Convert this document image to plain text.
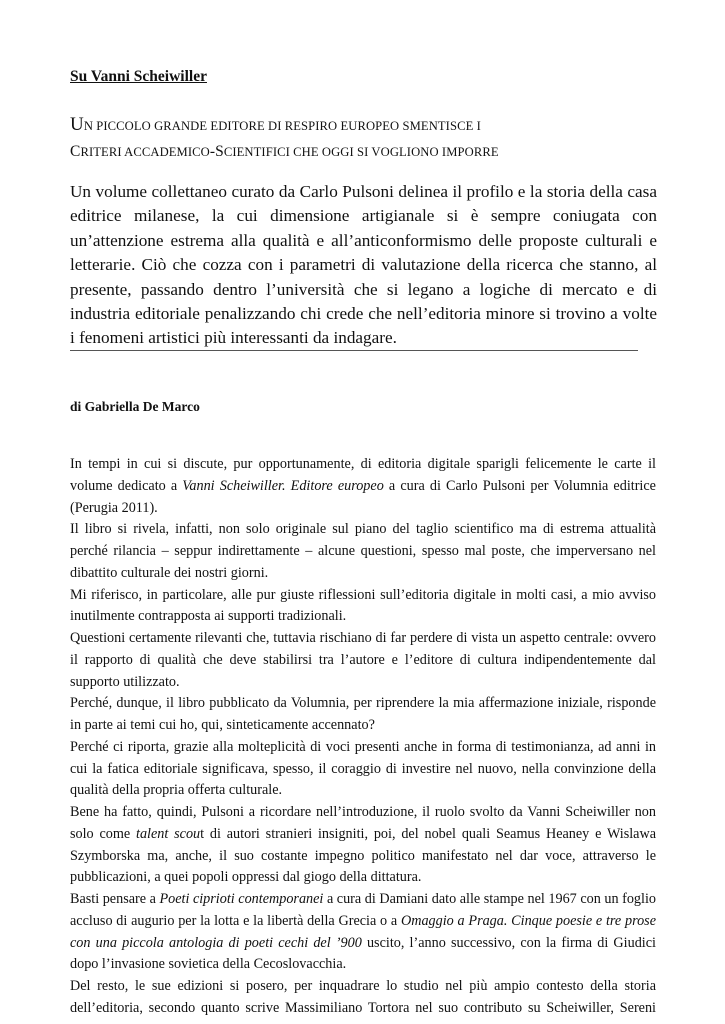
Su Vanni Scheiwiller
UN PICCOLO GRANDE EDITORE DI RESPIRO EUROPEO SMENTISCE I
CRITERI ACCADEMICO-SCIENTIFICI CHE OGGI SI VOGLIONO IMPORRE
Un volume collettaneo curato da Carlo Pulsoni delinea il profilo e la storia della casa editrice milanese, la cui dimensione artigianale si è sempre coniugata con un’attenzione estrema alla qualità e all’anticonformismo delle proposte culturali e letterarie. Ciò che cozza con i parametri di valutazione della ricerca che stanno, al presente, passando dentro l’università che si legano a logiche di mercato e di industria editoriale penalizzando chi crede che nell’editoria minore si trovino a volte i fenomeni artistici più interessanti da indagare.
di Gabriella De Marco

In tempi in cui si discute, pur opportunamente, di editoria digitale sparigli felicemente le carte il volume dedicato a Vanni Scheiwiller. Editore europeo a cura di Carlo Pulsoni per Volumnia editrice (Perugia 2011).

Il libro si rivela, infatti, non solo originale sul piano del taglio scientifico ma di estrema attualità perché rilancia – seppur indirettamente – alcune questioni, spesso mal poste, che imperversano nel dibattito culturale dei nostri giorni.

Mi riferisco, in particolare, alle pur giuste riflessioni sull’editoria digitale in molti casi, a mio avviso inutilmente contrapposta ai supporti tradizionali.

Questioni certamente rilevanti che, tuttavia rischiano di far perdere di vista un aspetto centrale: ovvero il rapporto di qualità che deve stabilirsi tra l’autore e l’editore di cultura indipendentemente dal supporto utilizzato.

Perché, dunque, il libro pubblicato da Volumnia, per riprendere la mia affermazione iniziale, risponde in parte ai temi cui ho, qui, sinteticamente accennato?

Perché ci riporta, grazie alla molteplicità di voci presenti anche in forma di testimonianza, ad anni in cui la fatica editoriale significava, spesso, il coraggio di investire nel nuovo, nella convinzione della qualità della propria offerta culturale.

Bene ha fatto, quindi, Pulsoni a ricordare nell’introduzione, il ruolo svolto da Vanni Scheiwiller non solo come talent scout di autori stranieri insigniti, poi, del nobel quali Seamus Heaney e Wislawa Szymborska ma, anche, il suo costante impegno politico manifestato nel dar voce, attraverso le pubblicazioni, a quei popoli oppressi dal giogo della dittatura.

Basti pensare a Poeti ciprioti contemporanei a cura di Damiani dato alle stampe nel 1967 con un foglio accluso di augurio per la lotta e la libertà della Grecia o a Omaggio a Praga. Cinque poesie e tre prose con una piccola antologia di poeti cechi del ’900 uscito, l’anno successivo, con la firma di Giudici dopo l’invasione sovietica della Cecoslovacchia.

Del resto, le sue edizioni si posero, per inquadrare lo studio nel più ampio contesto della storia dell’editoria, secondo quanto scrive Massimiliano Tortora nel suo contributo su Scheiwiller, Sereni
